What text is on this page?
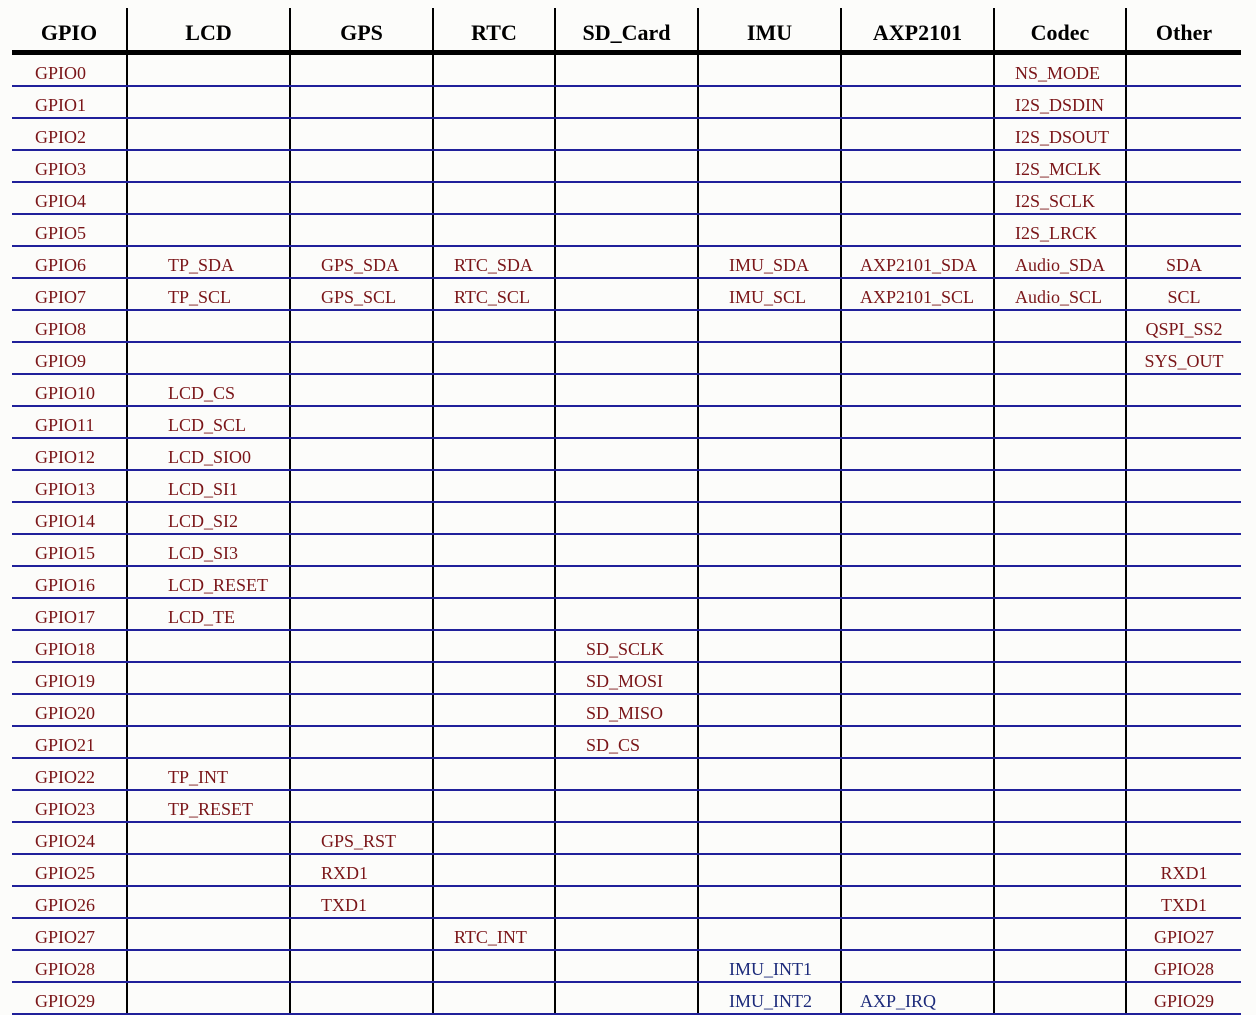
GPIO	LCD	GPS	RTC	SD_Card	IMU	AXP2101	Codec	Other
GPIO0							NS_MODE	
GPIO1							I2S_DSDIN	
GPIO2							I2S_DSOUT	
GPIO3							I2S_MCLK	
GPIO4							I2S_SCLK	
GPIO5							I2S_LRCK	
GPIO6	TP_SDA	GPS_SDA	RTC_SDA		IMU_SDA	AXP2101_SDA	Audio_SDA	SDA
GPIO7	TP_SCL	GPS_SCL	RTC_SCL		IMU_SCL	AXP2101_SCL	Audio_SCL	SCL
GPIO8								QSPI_SS2
GPIO9								SYS_OUT
GPIO10	LCD_CS							
GPIO11	LCD_SCL							
GPIO12	LCD_SIO0							
GPIO13	LCD_SI1							
GPIO14	LCD_SI2							
GPIO15	LCD_SI3							
GPIO16	LCD_RESET							
GPIO17	LCD_TE							
GPIO18				SD_SCLK				
GPIO19				SD_MOSI				
GPIO20				SD_MISO				
GPIO21				SD_CS				
GPIO22	TP_INT							
GPIO23	TP_RESET							
GPIO24		GPS_RST						
GPIO25		RXD1						RXD1
GPIO26		TXD1						TXD1
GPIO27			RTC_INT					GPIO27
GPIO28					IMU_INT1			GPIO28
GPIO29					IMU_INT2	AXP_IRQ		GPIO29
